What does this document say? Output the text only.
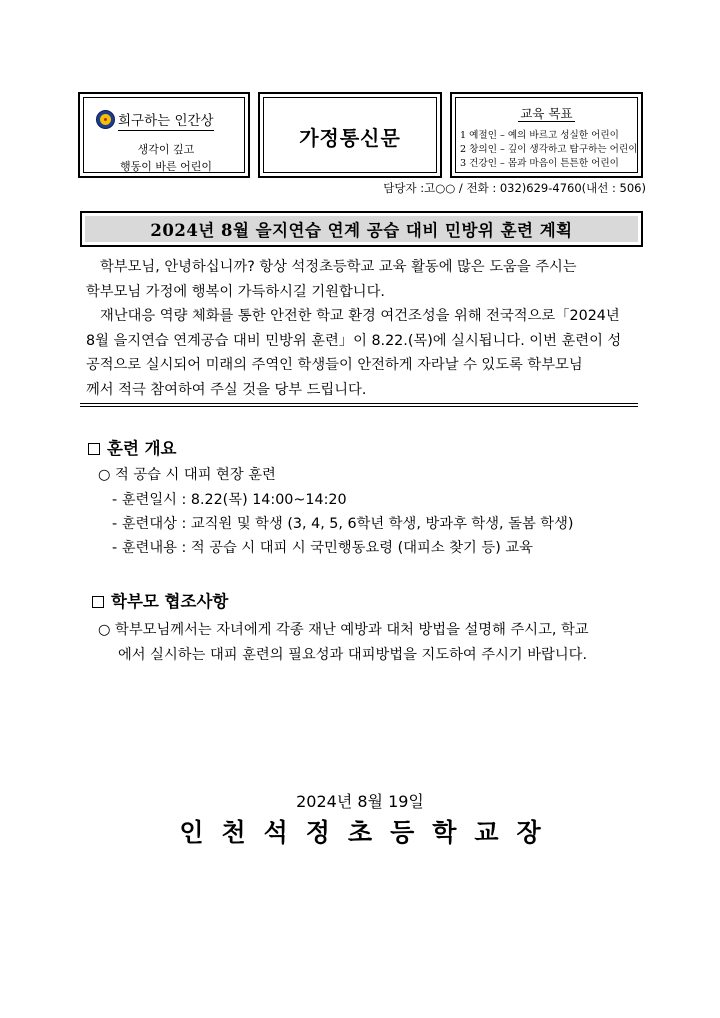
희구하는 인간상
생각이 깊고
행동이 바른 어린이
가정통신문
교육 목표
1 예절인 – 예의 바르고 성실한 어린이
2 창의인 – 깊이 생각하고 탐구하는 어린이
3 건강인 – 몸과 마음이 튼튼한 어린이
담당자 :고○○ / 전화 : 032)629-4760(내선 : 506)
2024년 8월 을지연습 연계 공습 대비 민방위 훈련 계획
학부모님, 안녕하십니까? 항상 석정초등학교 교육 활동에 많은 도움을 주시는
학부모님 가정에 행복이 가득하시길 기원합니다.
재난대응 역량 체화를 통한 안전한 학교 환경 여건조성을 위해 전국적으로「2024년
8월 을지연습 연계공습 대비 민방위 훈련」이 8.22.(목)에 실시됩니다. 이번 훈련이 성
공적으로 실시되어 미래의 주역인 학생들이 안전하게 자라날 수 있도록 학부모님
께서 적극 참여하여 주실 것을 당부 드립니다.
훈련 개요
○ 적 공습 시 대피 현장 훈련
- 훈련일시 : 8.22(목) 14:00~14:20
- 훈련대상 : 교직원 및 학생 (3, 4, 5, 6학년 학생, 방과후 학생, 돌봄 학생)
- 훈련내용 : 적 공습 시 대피 시 국민행동요령 (대피소 찾기 등) 교육
학부모 협조사항
○ 학부모님께서는 자녀에게 각종 재난 예방과 대처 방법을 설명해 주시고, 학교
에서 실시하는 대피 훈련의 필요성과 대피방법을 지도하여 주시기 바랍니다.
2024년 8월 19일
인천석정초등학교장
